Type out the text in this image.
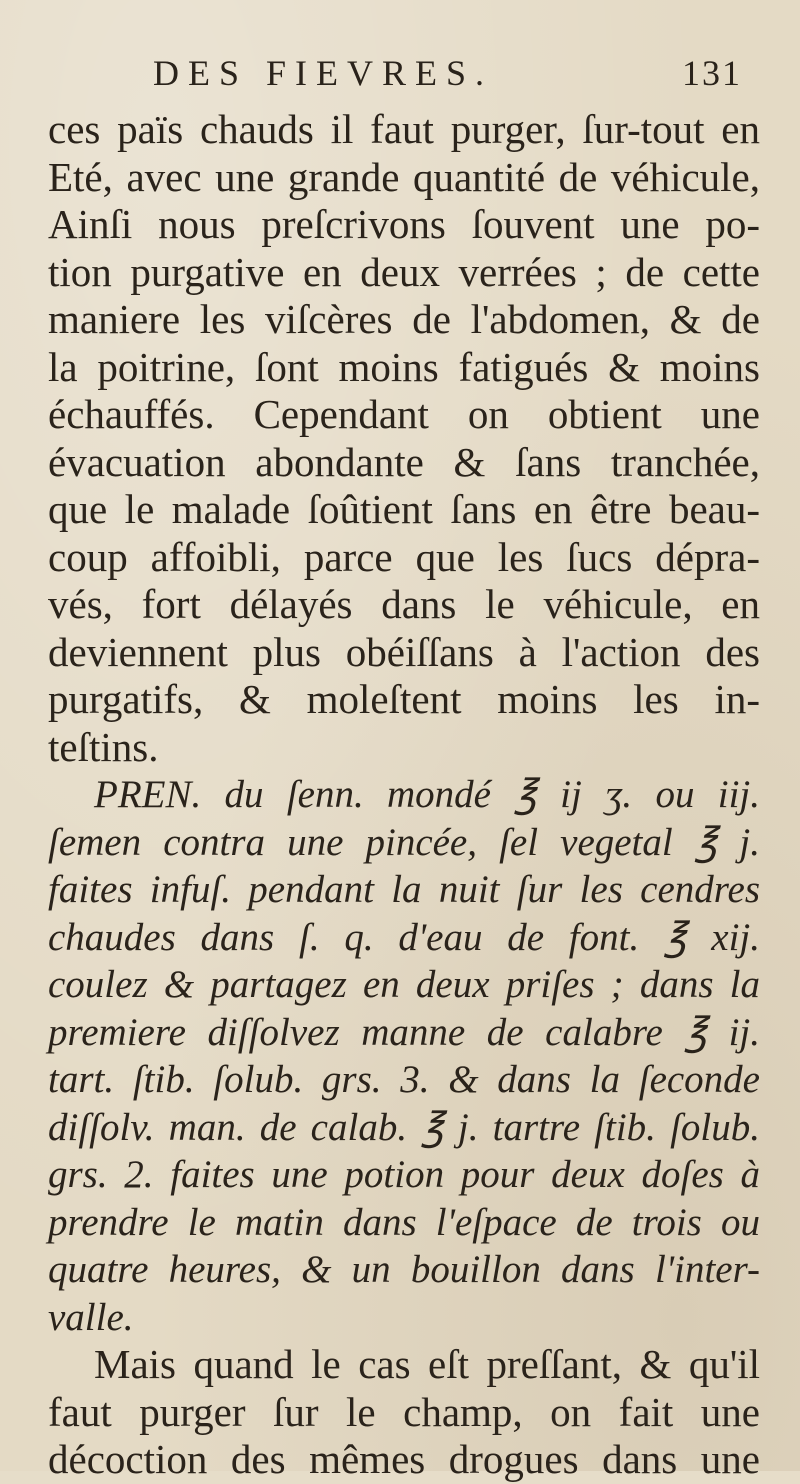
DES FIEVRES.	131
ces païs chauds il faut purger, ſur-tout en
Eté, avec une grande quantité de véhicule,
Ainſi nous preſcrivons ſouvent une po-
tion purgative en deux verrées ; de cette
maniere les viſcères de l'abdomen, & de
la poitrine, ſont moins fatigués & moins
échauffés. Cependant on obtient une
évacuation abondante & ſans tranchée,
que le malade ſoûtient ſans en être beau-
coup affoibli, parce que les ſucs dépra-
vés, fort délayés dans le véhicule, en
deviennent plus obéiſſans à l'action des
purgatifs, & moleſtent moins les in-
teſtins.
PREN. du ſenn. mondé ℥ ij ʒ. ou iij.
ſemen contra une pincée, ſel vegetal ℥ j.
faites infuſ. pendant la nuit ſur les cendres
chaudes dans ſ. q. d'eau de font. ℥ xij.
coulez & partagez en deux priſes ; dans la
premiere diſſolvez manne de calabre ℥ ij.
tart. ſtib. ſolub. grs. 3. & dans la ſeconde
diſſolv. man. de calab. ℥ j. tartre ſtib. ſolub.
grs. 2. faites une potion pour deux doſes à
prendre le matin dans l'eſpace de trois ou
quatre heures, & un bouillon dans l'inter-
valle.
Mais quand le cas eſt preſſant, & qu'il
faut purger ſur le champ, on fait une
décoction des mêmes drogues dans une
